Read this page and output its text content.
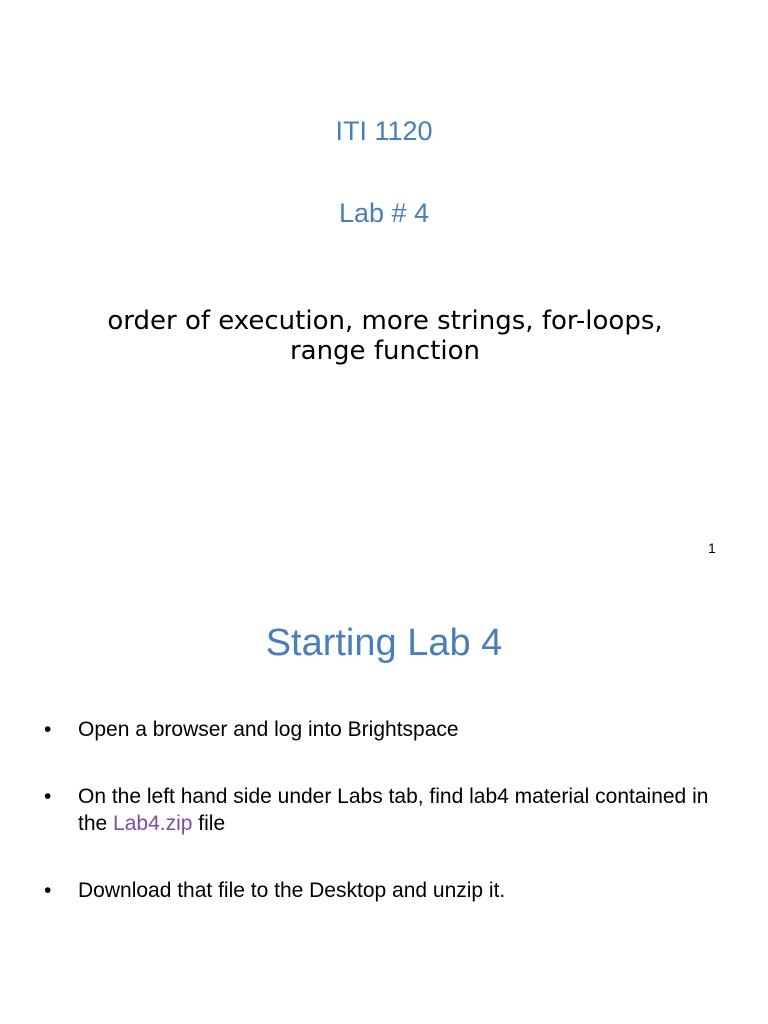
ITI 1120
Lab # 4
order of execution, more strings, for-loops, range function
1
Starting Lab 4
• Open a browser and log into Brightspace
• On the left hand side under Labs tab, find lab4 material contained in the Lab4.zip file
• Download that file to the Desktop and unzip it.
